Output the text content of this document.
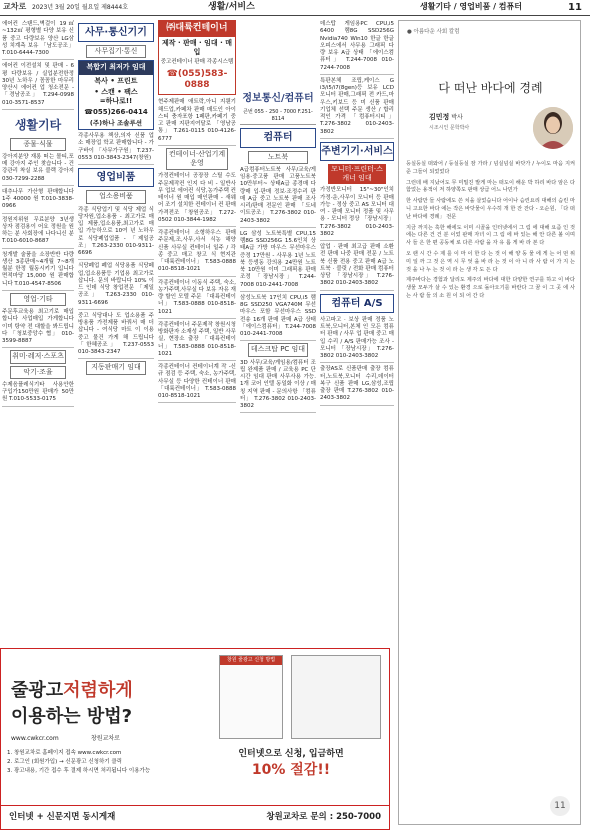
교차로 2023년 3월 20일 월요일 제8444호	생활/서비스	생활기타 / 영업비품 / 컴퓨터	11
에어컨 스탠드,벽걸이 19㎡~132㎡ 평형별 다양 보유 신품 중고 다량보유 양산 LG삼성 치계측 보유 「남도공조」 T.010-6444-7300
에어컨 이전설치 및 판매 - 6평 다량보유 / 실업분전한정 30년 노하우 / 꼼꼼한 마무리 양산시 에어컨 업 청소전문 - 「경남공조」 T.294-0998 010-3571-8537
생활기타
종물·식물
강아지분양 재롱 떠는 몰티,포메 강아지 주인 찾습니다 - 건강관리 착실 보유 블랙 강아지 030-7299-2288
대추나무 가산형 판매합니다 1주 40000 원 T.010-3838-0966
정원지위원 무료분양 3년생 상자 점검용이 어요 정원을 원하는 분 사회장에 나다니신 분 T.010-6010-8687
청개발 술품을 소장반반 다량 생산 3종판매~4개월 7~8개월분 한정 월동시키기 입니다 면적마당 15,000 원 판매합니다 T.010-4547-8506
영업·기타
주문후교육용 최고기로 매입합니다 사업매입 가게합니다 이미 탕약 전 대할을 봐드립니다 「청보중앙수 협」 010-3599-8887
취미·레저·스포츠
악기·조율
수제음플레식기타 사용안한 구입가150만원 판매가 50만원 T.010-5533-0175
사무·통신기기
사무집기·통신
복합기 최저가 임대
복사 • 프린트
• 스캔 • 팩스
=하나로!!
☎055)266-0414
(주)하나 조솔루션
각종사무용 책상,의자 신품 업소 매장업 학교 판매합니다 - 가구바이 「사무가구원」 T.237-0553 010-3843-2347(창원)
영업비품
업소용비품
각종 식당업기 및 식당 제업 식당자원,업소용품 - 최고가로 매입 제품,업소용품,최고가로 매입 가능하으로 10여 년 노하우로 식당폐업업품 - 「제일공조」 T.263-2330 010-9311-6696
식당폐업 폐업 식당용품 식당페업,업소용품등 기업용 최고가로 삽니다. 문의 바랍니다 10% 이 드 인데 식당 창업전문 「제일공조」 T.263-2330 010-9311-6696
중고 식당대나 도 업소용품 주방용품 가전제품 바꿔서 매 더 삽니다 - 여식당 마트 이 이용 중고 물건 가게 해 드립니다 「한혜공조」 T.237-0553 010-3843-2347
지동판매기 임대
㈜대륙컨테이너
제작 · 판매 · 임대 · 매입
중고컨테이너 판매 각종시스템
☎(055)583-0888
현주제판매 애트락,아니 지웬기 해드업,카페차 판매 매도인 아이스티 충자포항 1페판,카페기 중고 판매 지판지여달로 「영남공통」 T.261-0115 010-4126-6777
컨테이너·산업기계 운영
가정컨테이너 공장장 스틸 수도 주문제작컨 인지 다 비 - 일반사무 업보 에어컨 식당,농가주택 컨테이너 원 매입 매인판매 - 새웨어 조기 설치한 컨테이너 컨 판매 가격전조 「창원공조」 T.272-0502 010-3844-1982
각종컨테이너 소형하우스 판매 주문제,조,사무,사서 식농 해양 신품 사무실 컨테이너 일주 / 각종 중고 매고 창고 식 현지관 「대륙컨테이너」 T.583-0888 010-8518-1021
각종컨테이너 이동식 주택, 숙소, 농가주택,사무실 다 보유 자유 재량 할인 모델 주문 「대륙컨테이너」 T.583-0888 010-8518-1021
각종컨테이너 주문제작 창원시청 방화판자 소재성 주택, 일반 사무실, 현장소 출장 「대륙컨테이너」 T.583-0888 010-8518-1021
각종컨테이너 컨테이너계 작 -신규 점검 등 주택, 숙소, 농가주택,사무실 등 다양한 컨테이너 판매 「대륙컨테이너」 T.583-0888 010-8518-1021
정보통신/컴퓨터
큰번 055 - 250 - 7000 F.251-8114
컴퓨터
노트북
A급컴퓨터노트북 사무/교육/게임용·중고품 판매 고품노트북 10만부터~ 상태A급 종경매 다량매 입·판매 정보·조정수리 판매 A급 중고 노트북 판매 조사 시리/판매 전문인 판매 「도네이트공조」 T.276-3802 010-2403-3802
LG 삼성 노트북특별 CPU,15 램8G SSD256G 15.6인치 상태A급 가방 마우스 무선마우스 증정 17만원 - 사무용 1년 노트북 등생동 강의용 24만원 노트북 10만원 이미 그래픽용 판매조정 「장남시장」 T.244-7008 010-2441-7008
삼성노트북 17인치 CPU,i5 램8G SSD250 VGA740M 무선마우스 포함 무선마우스 SSD 전송 16개 판매 판매 A급 상태 「에이스컴퓨터」 T.244-7008 010-2441-7008
데스크탑 PC 임대
3D 사무/교육/게임용/컴퓨터 조립 완제품 판매 / 교육용 PC 단시간 임대 판매 사무사용 가능. 1개 코어 인텔 동일화 이상 / 매칭 지역 판매 - 문의사항 「컴퓨터」 T.276-3802 010-2403-3802
데스탑 게임용PC CPU,i5 6400 램8G SSD256G Nvidia740 Win10 한글 한글오피스에서 사무용 그래픽 다량 보유 A급 상태 「에이스컴퓨터」 T.244-7008 010-7244-7008
특판본체 조립,케이스 G i3/i5/i7(8gen)등 보유 LCD 모니터 판매,그래픽 전 카드,마우스,키보드 등 미 신품 판매 기업체 선택 주문 생산 / 합리적인 가격 「컴퓨터시티」 T.276-3802 010-2403-3802
주변기기·서비스
모니터·프린터·스캐너 임대
가정반모니터 15"~30"인치 가정·운,사무이 모니터 등 판매 가능 - 정상 중고 AS 모니터 대여 - 판매 모니터 정품 및 사무용 - 모니터 정상 「장남시장」 T.276-3802 010-2403-3802
압업 · 판매 최고급 판매 소환전 판매 나중 판매 전문 / 노트북 신품 전용 중고 판매 A급 노트북 · 블릿 / 전화 판매 컴퓨터 상담 「장남시장」 T.276-3802 010-2403-3802
컴퓨터 A/S
사고파고 · 보상 판매 정품 노트북,모니터,본체 인 모든 컴퓨터 판매 / 사무 업 판매 중고 매입 수리 / A/S 판매가능 조사 - 모니터 「장남시장」 T.276-3802 010-2403-3802
출장AS로 신품판매 출장 컴퓨터,노트북,모니터 수리,데이터복구 신품 판매 LG,삼성,조립 출장 판매 T.276-3802 010-2403-3802
● 아름다운 사회 칼럼
다 떠난 바다에 경례
김민정 박사
시조시인 문학박사

등실등실 떠와어 / 등실등실 잠 가라 / 넘실넘실 바닷가 / 누이도 마음 지켜준 그들이 되었었다

그런데 배 지났어도 무 미밀진 발게 마는 떠도이 해운 박 하리 바다 암은 다 함었는 용적이 저 하양쪽도 판매 상급 어느 나민가

한 사람만 들 사람에도 쓴 치을 살었습니다 어이나 슴린요리 대해의 슴린 마니 고요한 바다 에는 작은 바닷물이 우수히 개 한 잔 잔다 - 오순원, 「다 떠난 바다에 경례」 전문

지금 까지는 혹한 해에도 이미 시골을 인터넷에서 그 림 에 대해 요즘 인 것에는 다른 건 건 분 이었 판매 자녀 이 그 림 에 바 있는 해 안 다른 볼 이며 사 들 은 한 편 공동체 로 다른 사람 을 자 유 롭 게 바 라 본 다

오 랜 시 간 수 제 를 이 마 이 한 다 는 것 이 해 양 동 물 에 게 는 어 떤 위 미 일 까 그 것 은 역 시 무 엇 을 바 라 는 것 이 아 니 라 사 람 이 가 지 는 것 을 나 누 는 것 이 라 는 생 각 도 든 다

제주바다는 경험과 달리도 제주의 바다에 대한 다양한 연구를 하고 이 바다 생물 모두가 살 수 있는 환경 으로 돌아오기를 바란다 그 꿈 이 그 곳 에 사 는 사 람 들 의 소 원 이 되 어 간 다

11
줄광고저렴하게
이용하는 방법?
www.cwkcr.com	창원교차로
창원 줄광고 신청 방법
1. 창원교차로 홈페이지 접속 www.cwkcr.com
2. 로그인 (회원가입) → 신문광고 신청하기 클릭
3. 광고내용, 기간 접수 후 결제 하시면 처리됩니다 이용가능
인터넷으로 신청, 입금하면
10% 절감!!
인터넷 + 신문지면 동시게재	창원교차로 문의 : 250-7000
